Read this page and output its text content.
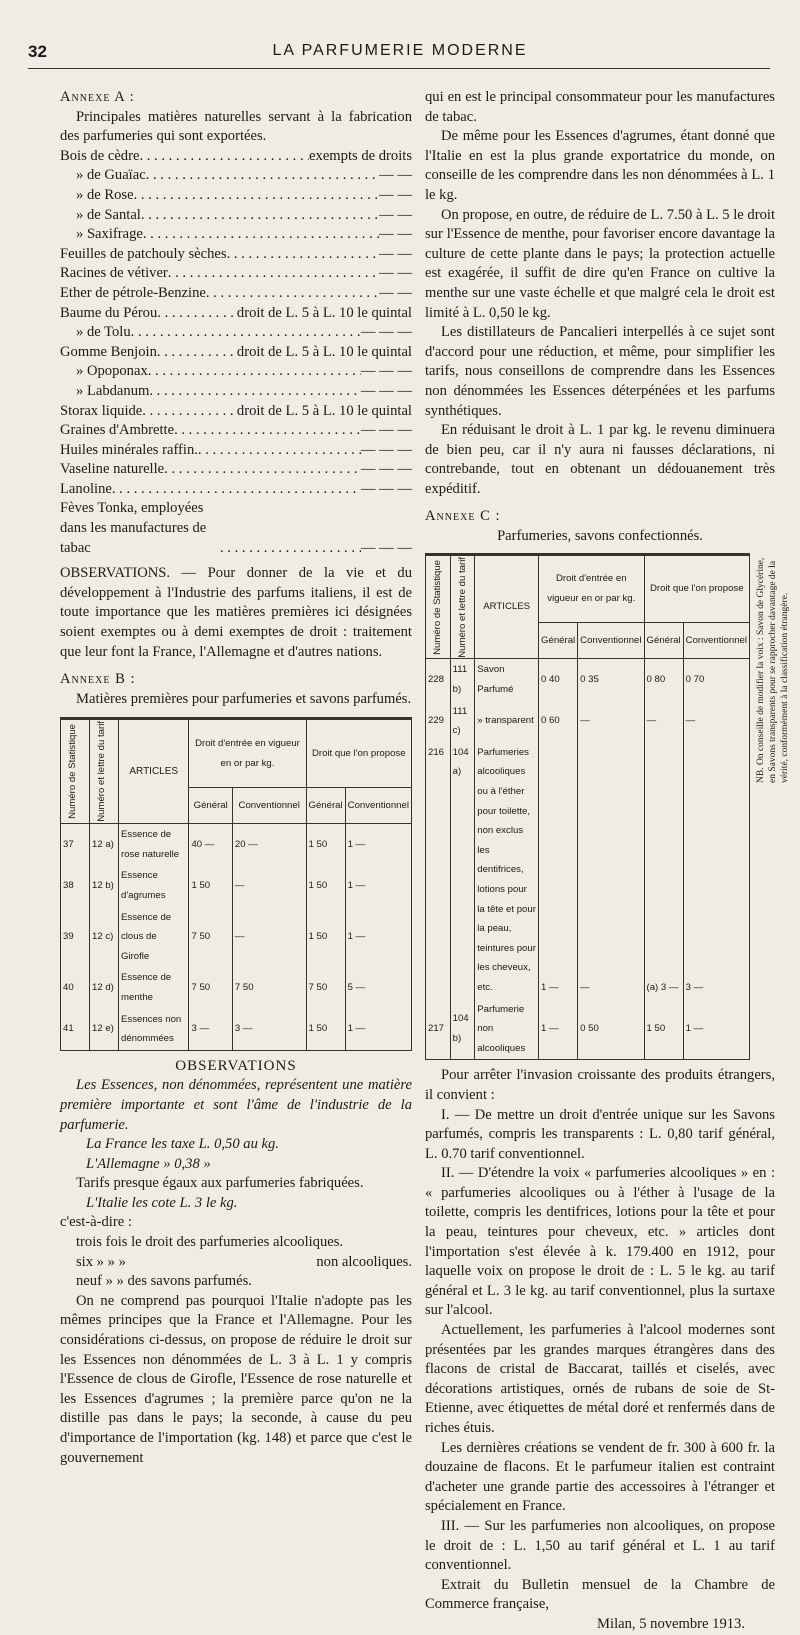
32	LA PARFUMERIE MODERNE

Annexe A :

Principales matières naturelles servant à la fabrication des parfumeries qui sont exportées.

Bois de cèdre . . .	exempts de droits
» de Guaïac . . .	— —
» de Rose . . .	— —
» de Santal . . .	— —
» Saxifrage . . .	— —
Feuilles de patchouly sèches . . .	— —
Racines de vétiver . . .	— —
Ether de pétrole-Benzine . . .	— —
Baume du Pérou . . .	droit de L. 5 à L. 10 le quintal
» de Tolu . . .	— — —
Gomme Benjoin . . .	droit de L. 5 à L. 10 le quintal
» Opoponax . . .	— — —
» Labdanum . . .	— — —
Storax liquide . . .	droit de L. 5 à L. 10 le quintal
Graines d'Ambrette . . .	— — —
Huiles minérales raffin. . . .	— — —
Vaseline naturelle . . .	— — —
Lanoline . . .	— — —
Fèves Tonka, employées dans les manufactures de tabac . . .	— — —

OBSERVATIONS. — Pour donner de la vie et du développement à l'Industrie des parfums italiens, il est de toute importance que les matières premières ici désignées soient exemptes ou à demi exemptes de droit : traitement que leur font la France, l'Allemagne et d'autres nations.

Annexe B :

Matières premières pour parfumeries et savons parfumés.

Numéro de Statistique	Numéro et lettre du tarif	ARTICLES	Droit d'entrée en vigueur en or par kg.		Droit que l'on propose	
			Général	Conventionnel	Général	Conventionnel
37	12 a)	Essence de rose naturelle	40 —	20 —	1 50	1 —
38	12 b)	Essence d'agrumes	1 50	—	1 50	1 —
39	12 c)	Essence de clous de Girofle	7 50	—	1 50	1 —
40	12 d)	Essence de menthe	7 50	7 50	7 50	5 —
41	12 e)	Essences non dénommées	3 —	3 —	1 50	1 —

OBSERVATIONS

Les Essences, non dénommées, représentent une matière première importante et sont l'âme de l'industrie de la parfumerie.

La France les taxe L. 0,50 au kg.

L'Allemagne » 0,38 »

Tarifs presque égaux aux parfumeries fabriquées.

L'Italie les cote L. 3 le kg.

c'est-à-dire :

trois fois le droit des parfumeries alcooliques.

six » » »	non alcooliques.

neuf » » des savons parfumés.

On ne comprend pas pourquoi l'Italie n'adopte pas les mêmes principes que la France et l'Allemagne. Pour les considérations ci-dessus, on propose de réduire le droit sur les Essences non dénommées de L. 3 à L. 1 y compris l'Essence de clous de Girofle, l'Essence de rose naturelle et les Essences d'agrumes ; la première parce qu'on ne la distille pas dans le pays; la seconde, à cause du peu d'importance de l'importation (kg. 148) et parce que c'est le gouvernement

qui en est le principal consommateur pour les manufactures de tabac.

De même pour les Essences d'agrumes, étant donné que l'Italie en est la plus grande exportatrice du monde, on conseille de les comprendre dans les non dénommées à L. 1 le kg.

On propose, en outre, de réduire de L. 7.50 à L. 5 le droit sur l'Essence de menthe, pour favoriser encore davantage la culture de cette plante dans le pays; la protection actuelle est exagérée, il suffit de dire qu'en France on cultive la menthe sur une vaste échelle et que malgré cela le droit est limité à L. 0,50 le kg.

Les distillateurs de Pancalieri interpellés à ce sujet sont d'accord pour une réduction, et même, pour simplifier les tarifs, nous conseillons de comprendre dans les Essences non dénommées les Essences déterpénées et les parfums synthétiques.

En réduisant le droit à L. 1 par kg. le revenu diminuera de bien peu, car il n'y aura ni fausses déclarations, ni contrebande, tout en obtenant un dédouanement très expéditif.

Annexe C :

Parfumeries, savons confectionnés.

Numéro de Statistique	Numéro et lettre du tarif	ARTICLES	Droit d'entrée en vigueur en or par kg.		Droit que l'on propose	
			Général	Conventionnel	Général	Conventionnel
228	111 b)	Savon Parfumé	0 40	0 35	0 80	0 70
229	111 c)	» transparent	0 60	—	—	—
216	104 a)	Parfumeries alcooliques ou à l'éther pour toilette, non exclus les dentifrices, lotions pour la tête et pour la peau, teintures pour les cheveux, etc.	1 —	—	(a) 3 —	3 —
217	104 b)	Parfumerie non alcooliques	1 —	0 50	1 50	1 —
NB. On conseille de modifier la voix : Savon de Glycérine, en Savons transparents pour se rapprocher davantage de la vérité, conformément à la classification étrangère.

Pour arrêter l'invasion croissante des produits étrangers, il convient :

I. — De mettre un droit d'entrée unique sur les Savons parfumés, compris les transparents : L. 0,80 tarif général, L. 0.70 tarif conventionnel.

II. — D'étendre la voix « parfumeries alcooliques » en : « parfumeries alcooliques ou à l'éther à l'usage de la toilette, compris les dentifrices, lotions pour la tête et pour la peau, teintures pour cheveux, etc. » articles dont l'importation s'est élevée à k. 179.400 en 1912, pour laquelle voix on propose le droit de : L. 5 le kg. au tarif général et L. 3 le kg. au tarif conventionnel, plus la surtaxe sur l'alcool.

Actuellement, les parfumeries à l'alcool modernes sont présentées par les grandes marques étrangères dans des flacons de cristal de Baccarat, taillés et ciselés, avec décorations artistiques, ornés de rubans de soie de St-Etienne, avec étiquettes de métal doré et renfermés dans de riches étuis.

Les dernières créations se vendent de fr. 300 à 600 fr. la douzaine de flacons. Et le parfumeur italien est contraint d'acheter une grande partie des accessoires à l'étranger et spécialement en France.

III. — Sur les parfumeries non alcooliques, on propose le droit de : L. 1,50 au tarif général et L. 1 au tarif conventionnel.

Extrait du Bulletin mensuel de la Chambre de Commerce française,

Milan, 5 novembre 1913.
